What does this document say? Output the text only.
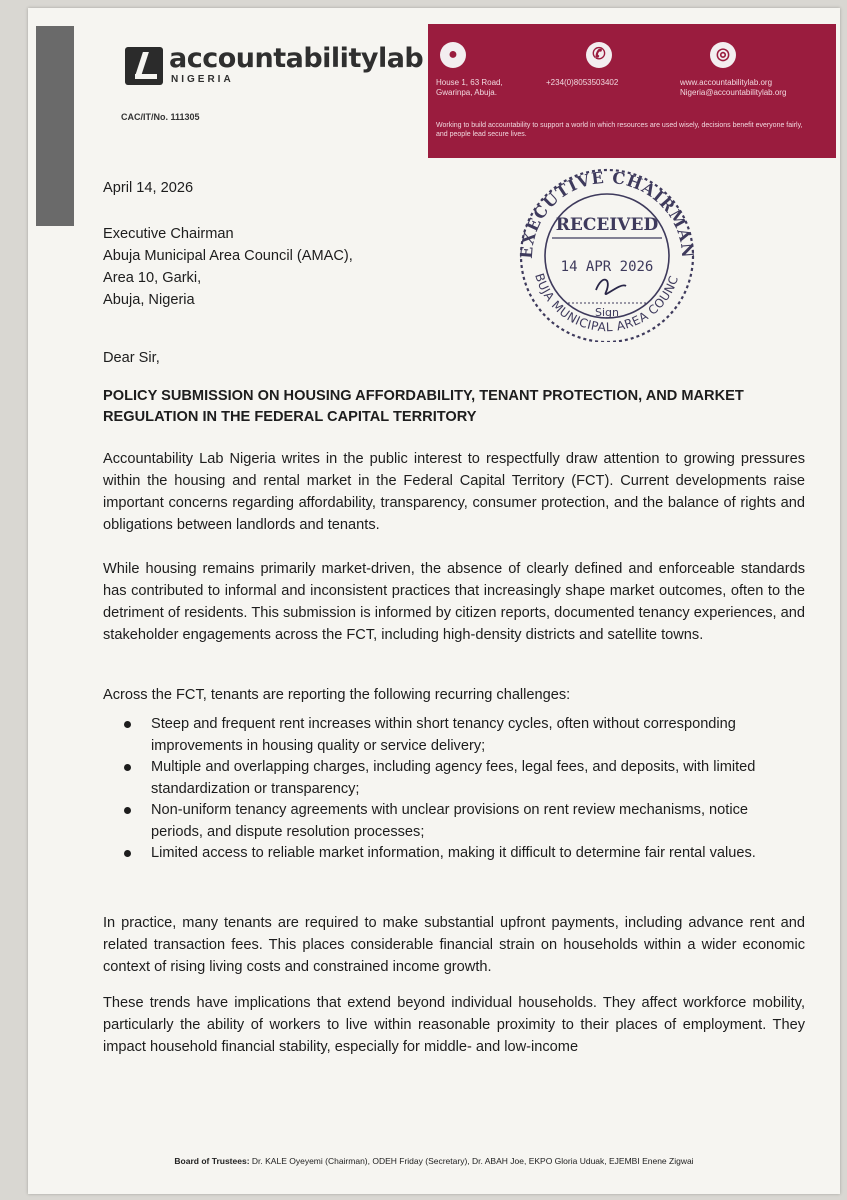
accountabilitylab
NIGERIA
CAC/IT/No. 111305
●	✆	◎
House 1, 63 Road,
Gwarinpa, Abuja.
+234(0)8053503402	www.accountabilitylab.org
Nigeria@accountabilitylab.org
Working to build accountability to support a world in which resources are used wisely, decisions benefit everyone fairly, and people lead secure lives.
EXECUTIVE CHAIRMAN
BUJA MUNICIPAL AREA COUNC
RECEIVED
14 APR 2026
Sign
April 14, 2026
Executive Chairman
Abuja Municipal Area Council (AMAC),
Area 10, Garki,
Abuja, Nigeria
Dear Sir,

POLICY SUBMISSION ON HOUSING AFFORDABILITY, TENANT PROTECTION, AND MARKET REGULATION IN THE FEDERAL CAPITAL TERRITORY

Accountability Lab Nigeria writes in the public interest to respectfully draw attention to growing pressures within the housing and rental market in the Federal Capital Territory (FCT). Current developments raise important concerns regarding affordability, transparency, consumer protection, and the balance of rights and obligations between landlords and tenants.

While housing remains primarily market-driven, the absence of clearly defined and enforceable standards has contributed to informal and inconsistent practices that increasingly shape market outcomes, often to the detriment of residents. This submission is informed by citizen reports, documented tenancy experiences, and stakeholder engagements across the FCT, including high-density districts and satellite towns.

Across the FCT, tenants are reporting the following recurring challenges:

Steep and frequent rent increases within short tenancy cycles, often without corresponding improvements in housing quality or service delivery;
Multiple and overlapping charges, including agency fees, legal fees, and deposits, with limited standardization or transparency;
Non-uniform tenancy agreements with unclear provisions on rent review mechanisms, notice periods, and dispute resolution processes;
Limited access to reliable market information, making it difficult to determine fair rental values.

In practice, many tenants are required to make substantial upfront payments, including advance rent and related transaction fees. This places considerable financial strain on households within a wider economic context of rising living costs and constrained income growth.

These trends have implications that extend beyond individual households. They affect workforce mobility, particularly the ability of workers to live within reasonable proximity to their places of employment. They impact household financial stability, especially for middle- and low-income

Board of Trustees: Dr. KALE Oyeyemi (Chairman), ODEH Friday (Secretary), Dr. ABAH Joe, EKPO Gloria Uduak, EJEMBI Enene Zigwai
